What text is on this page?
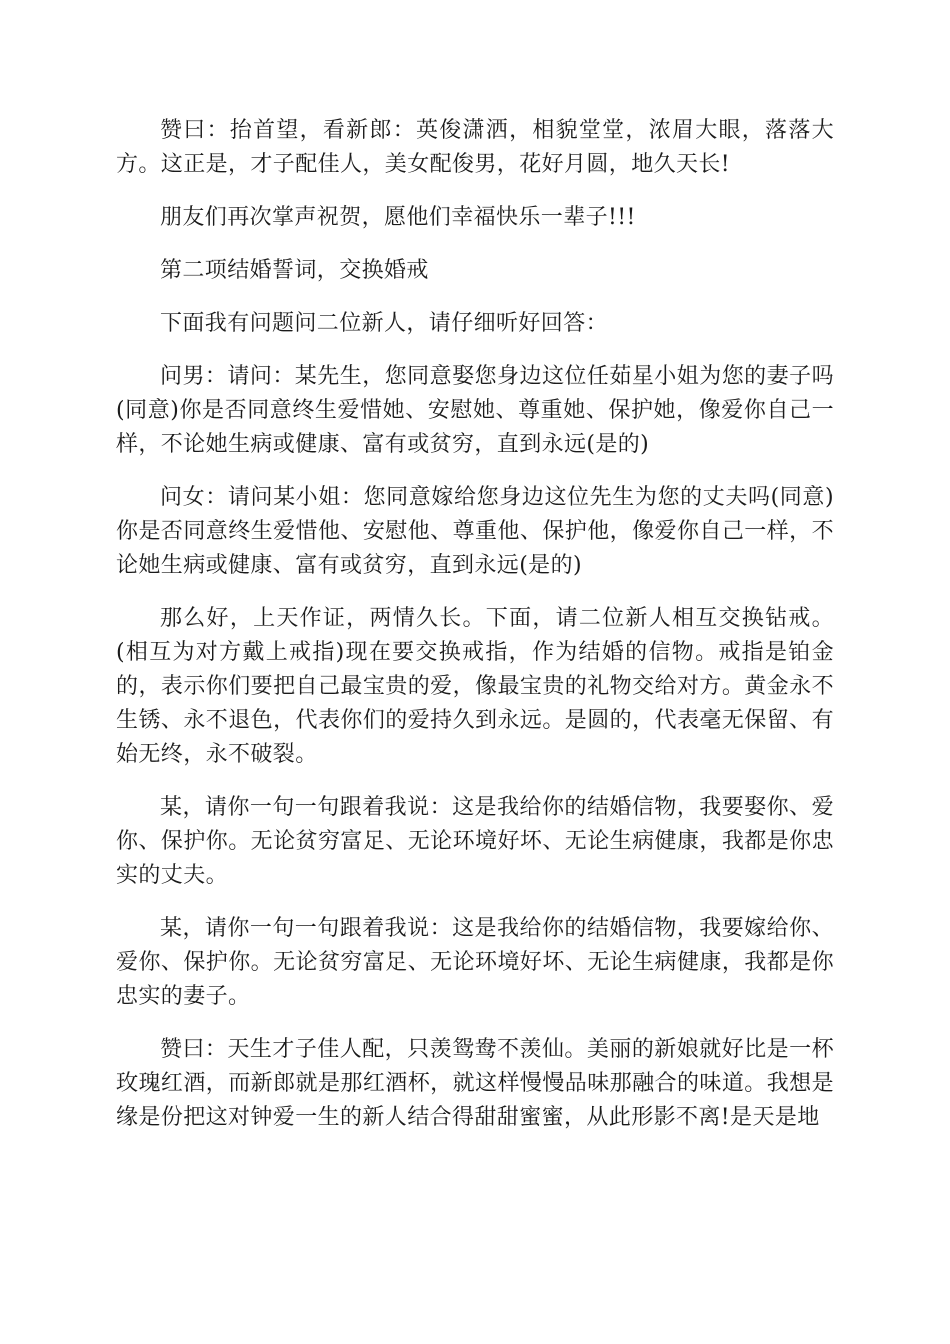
赞曰：抬首望，看新郎：英俊潇洒，相貌堂堂，浓眉大眼，落落大方。这正是，才子配佳人，美女配俊男，花好月圆，地久天长!

朋友们再次掌声祝贺，愿他们幸福快乐一辈子!!!

第二项结婚誓词，交换婚戒

下面我有问题问二位新人，请仔细听好回答：

问男：请问：某先生，您同意娶您身边这位任茹星小姐为您的妻子吗(同意)你是否同意终生爱惜她、安慰她、尊重她、保护她，像爱你自己一样，不论她生病或健康、富有或贫穷，直到永远(是的)

问女：请问某小姐：您同意嫁给您身边这位先生为您的丈夫吗(同意)你是否同意终生爱惜他、安慰他、尊重他、保护他，像爱你自己一样，不论她生病或健康、富有或贫穷，直到永远(是的)

那么好，上天作证，两情久长。下面，请二位新人相互交换钻戒。(相互为对方戴上戒指)现在要交换戒指，作为结婚的信物。戒指是铂金的，表示你们要把自己最宝贵的爱，像最宝贵的礼物交给对方。黄金永不生锈、永不退色，代表你们的爱持久到永远。是圆的，代表毫无保留、有始无终，永不破裂。

某，请你一句一句跟着我说：这是我给你的结婚信物，我要娶你、爱你、保护你。无论贫穷富足、无论环境好坏、无论生病健康，我都是你忠实的丈夫。

某，请你一句一句跟着我说：这是我给你的结婚信物，我要嫁给你、爱你、保护你。无论贫穷富足、无论环境好坏、无论生病健康，我都是你忠实的妻子。

赞曰：天生才子佳人配，只羡鸳鸯不羡仙。美丽的新娘就好比是一杯玫瑰红酒，而新郎就是那红酒杯，就这样慢慢品味那融合的味道。我想是缘是份把这对钟爱一生的新人结合得甜甜蜜蜜，从此形影不离!是天是地
